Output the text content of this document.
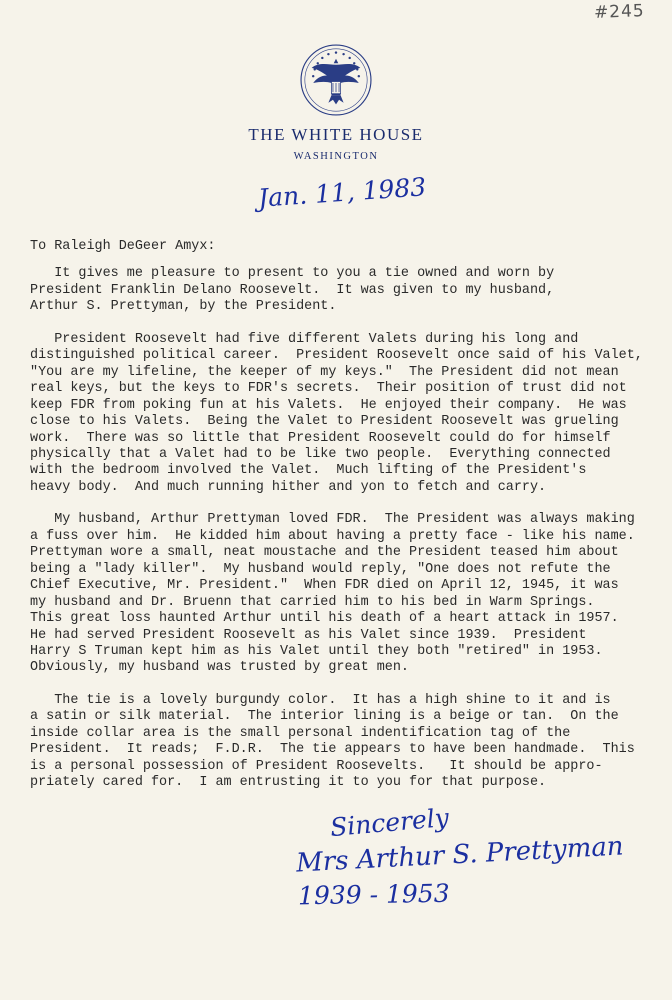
#245
THE WHITE HOUSE
WASHINGTON
Jan. 11, 1983
To Raleigh DeGeer Amyx:
It gives me pleasure to present to you a tie owned and worn by
President Franklin Delano Roosevelt.  It was given to my husband,
Arthur S. Prettyman, by the President.
President Roosevelt had five different Valets during his long and
distinguished political career.  President Roosevelt once said of his Valet,
"You are my lifeline, the keeper of my keys."  The President did not mean
real keys, but the keys to FDR's secrets.  Their position of trust did not
keep FDR from poking fun at his Valets.  He enjoyed their company.  He was
close to his Valets.  Being the Valet to President Roosevelt was grueling
work.  There was so little that President Roosevelt could do for himself
physically that a Valet had to be like two people.  Everything connected
with the bedroom involved the Valet.  Much lifting of the President's
heavy body.  And much running hither and yon to fetch and carry.
My husband, Arthur Prettyman loved FDR.  The President was always making
a fuss over him.  He kidded him about having a pretty face - like his name.
Prettyman wore a small, neat moustache and the President teased him about
being a "lady killer".  My husband would reply, "One does not refute the
Chief Executive, Mr. President."  When FDR died on April 12, 1945, it was
my husband and Dr. Bruenn that carried him to his bed in Warm Springs.
This great loss haunted Arthur until his death of a heart attack in 1957.
He had served President Roosevelt as his Valet since 1939.  President
Harry S Truman kept him as his Valet until they both "retired" in 1953.
Obviously, my husband was trusted by great men.
The tie is a lovely burgundy color.  It has a high shine to it and is
a satin or silk material.  The interior lining is a beige or tan.  On the
inside collar area is the small personal indentification tag of the
President.  It reads;  F.D.R.  The tie appears to have been handmade.  This
is a personal possession of President Roosevelts.   It should be appro-
priately cared for.  I am entrusting it to you for that purpose.
Sincerely
Mrs Arthur S. Prettyman
1939 - 1953
